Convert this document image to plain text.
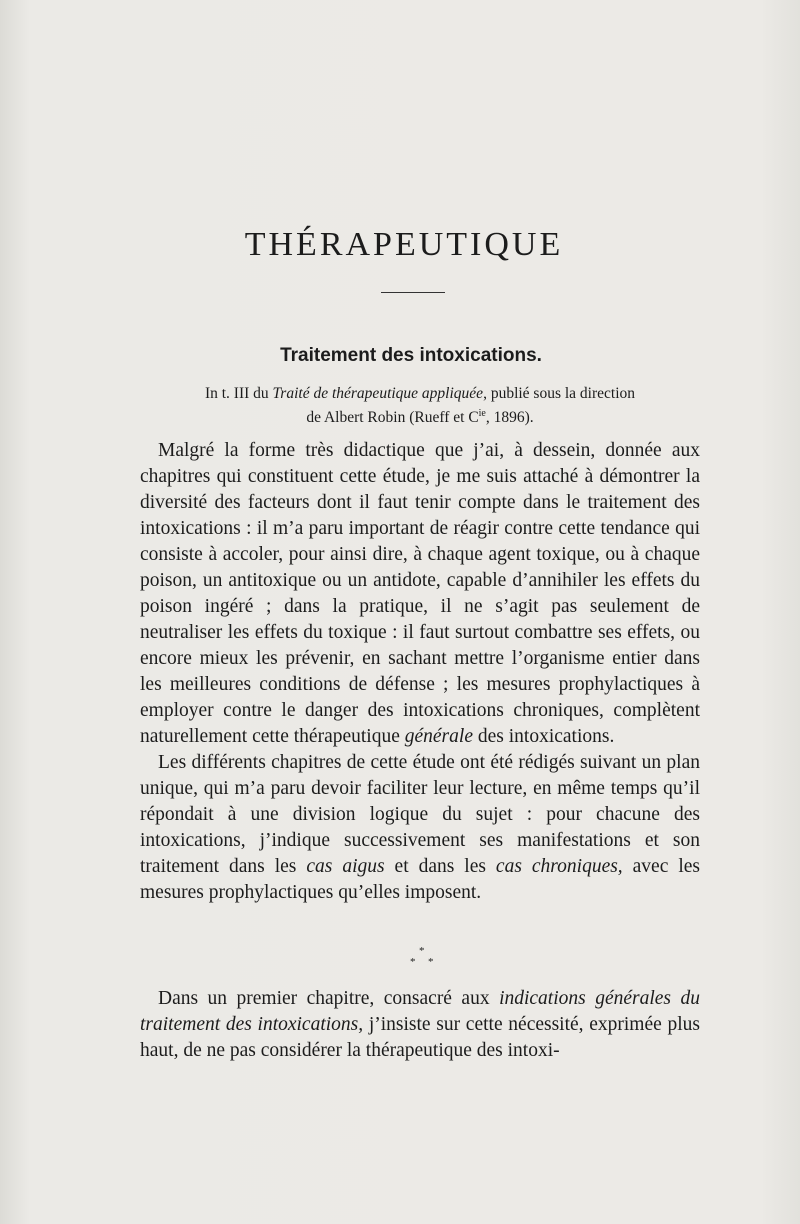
THÉRAPEUTIQUE
Traitement des intoxications.
In t. III du Traité de thérapeutique appliquée, publié sous la direction
de Albert Robin (Rueff et $C^{ie}$, 1896).

Malgré la forme très didactique que j’ai, à dessein, donnée aux chapitres qui constituent cette étude, je me suis attaché à démontrer la diversité des facteurs dont il faut tenir compte dans le traitement des intoxications : il m’a paru important de réagir contre cette tendance qui consiste à accoler, pour ainsi dire, à chaque agent toxique, ou à chaque poison, un antitoxique ou un antidote, capable d’annihiler les effets du poison ingéré ; dans la pratique, il ne s’agit pas seulement de neutraliser les effets du toxique : il faut surtout combattre ses effets, ou encore mieux les prévenir, en sachant mettre l’organisme entier dans les meilleures conditions de défense ; les mesures prophylactiques à employer contre le danger des intoxications chroniques, complètent naturellement cette thérapeutique générale des intoxications.

Les différents chapitres de cette étude ont été rédigés suivant un plan unique, qui m’a paru devoir faciliter leur lecture, en même temps qu’il répondait à une division logique du sujet : pour chacune des intoxications, j’indique successivement ses manifestations et son traitement dans les cas aigus et dans les cas chroniques, avec les mesures prophylactiques qu’elles imposent.

*
* *

Dans un premier chapitre, consacré aux indications générales du traitement des intoxications, j’insiste sur cette nécessité, exprimée plus haut, de ne pas considérer la thérapeutique des intoxi-
